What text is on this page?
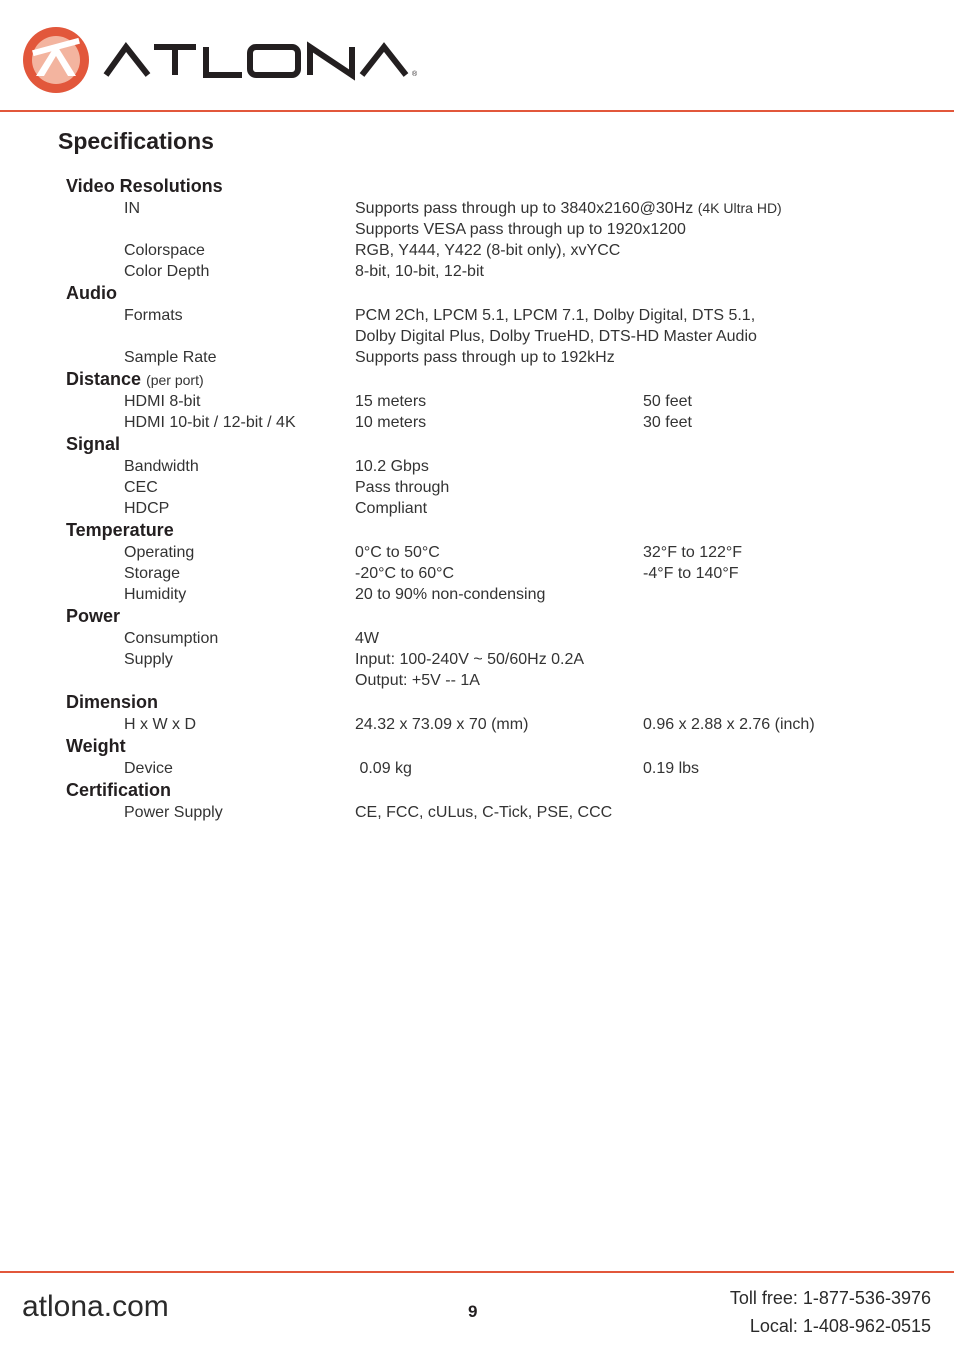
®
Specifications
Video Resolutions
IN	Supports pass through up to 3840x2160@30Hz (4K Ultra HD)
Supports VESA pass through up to 1920x1200
Colorspace	RGB, Y444, Y422 (8-bit only), xvYCC
Color Depth	8-bit, 10-bit, 12-bit
Audio
Formats	PCM 2Ch, LPCM 5.1, LPCM 7.1, Dolby Digital, DTS 5.1,
Dolby Digital Plus, Dolby TrueHD, DTS-HD Master Audio
Sample Rate	Supports pass through up to 192kHz
Distance (per port)
HDMI 8-bit	15 meters	50 feet
HDMI 10-bit / 12-bit / 4K	10 meters	30 feet
Signal
Bandwidth	10.2 Gbps
CEC	Pass through
HDCP	Compliant
Temperature
Operating	0°C to 50°C	32°F to 122°F
Storage	-20°C to 60°C	-4°F to 140°F
Humidity	20 to 90% non-condensing
Power
Consumption	4W
Supply	Input: 100-240V ~ 50/60Hz 0.2A
Output: +5V -- 1A
Dimension
H x W x D	24.32 x 73.09 x 70 (mm)	0.96 x 2.88 x 2.76 (inch)
Weight
Device	0.09 kg	0.19 lbs
Certification
Power Supply	CE, FCC, cULus, C-Tick, PSE, CCC
atlona.com	9
Toll free: 1-877-536-3976
Local: 1-408-962-0515
